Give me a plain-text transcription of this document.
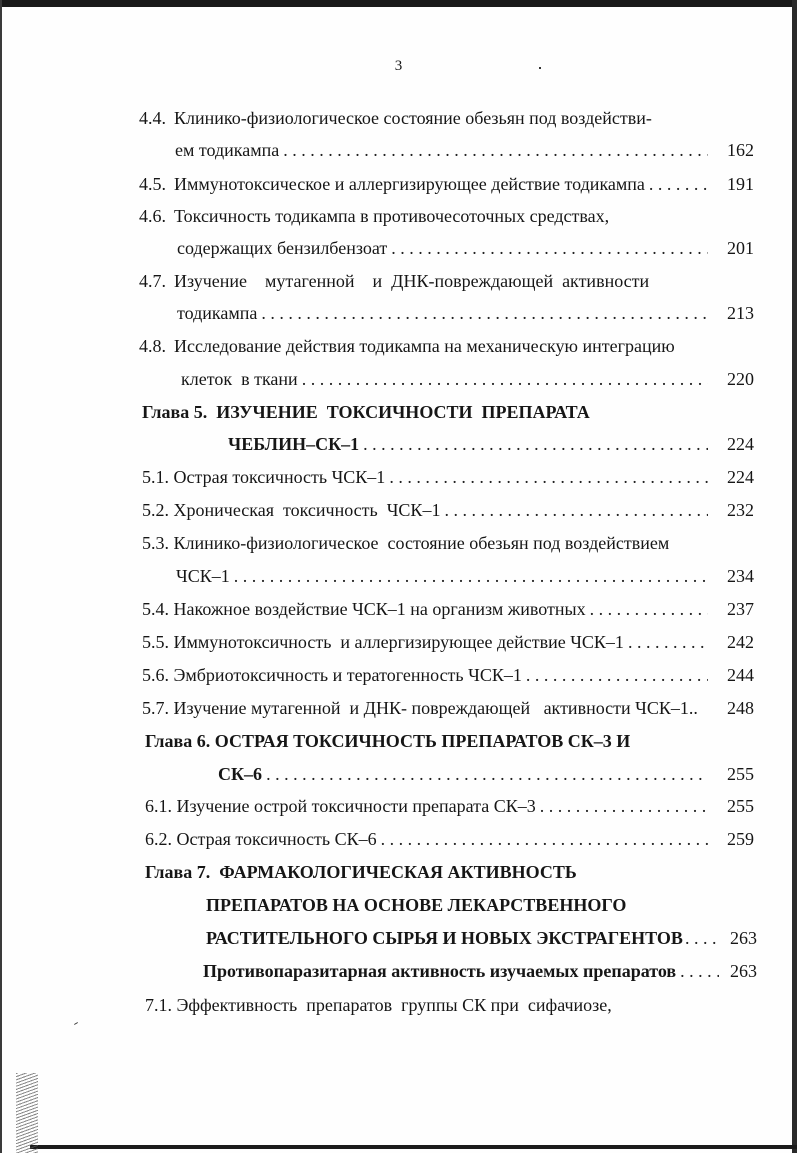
3
4.4. Клинико-физиологическое состояние обезьян под воздействи-
ем тодикампа . . .	162
4.5. Иммунотоксическое и аллергизирующее действие тодикампа . . .	191
4.6. Токсичность тодикампа в противочесоточных средствах,
содержащих бензилбензоат . . .	201
4.7. Изучение    мутагенной    и  ДНК-повреждающей  активности
тодикампа . . .	213
4.8. Исследование действия тодикампа на механическую интеграцию
клеток  в ткани . . .	220
Глава 5.  ИЗУЧЕНИЕ  ТОКСИЧНОСТИ  ПРЕПАРАТА
ЧЕБЛИН–СК–1 . . .	224
5.1. Острая токсичность ЧСК–1 . . .	224
5.2. Хроническая  токсичность  ЧСК–1 . . .	232
5.3. Клинико-физиологическое  состояние обезьян под воздействием
ЧСК–1 . . .	234
5.4. Накожное воздействие ЧСК–1 на организм животных . . .	237
5.5. Иммунотоксичность  и аллергизирующее действие ЧСК–1 . . .	242
5.6. Эмбриотоксичность и тератогенность ЧСК–1 . . .	244
5.7. Изучение мутагенной  и ДНК- повреждающей   активности ЧСК–1..	248
Глава 6. ОСТРАЯ ТОКСИЧНОСТЬ ПРЕПАРАТОВ СК–3 И
СК–6 . . .	255
6.1. Изучение острой токсичности препарата СК–3 . . .	255
6.2. Острая токсичность СК–6 . . .	259
Глава 7.  ФАРМАКОЛОГИЧЕСКАЯ АКТИВНОСТЬ
ПРЕПАРАТОВ НА ОСНОВЕ ЛЕКАРСТВЕННОГО
РАСТИТЕЛЬНОГО СЫРЬЯ И НОВЫХ ЭКСТРАГЕНТОВ . . .	263
Противопаразитарная активность изучаемых препаратов . . .	263
7.1. Эффективность  препаратов  группы СК при  сифачиозе,
